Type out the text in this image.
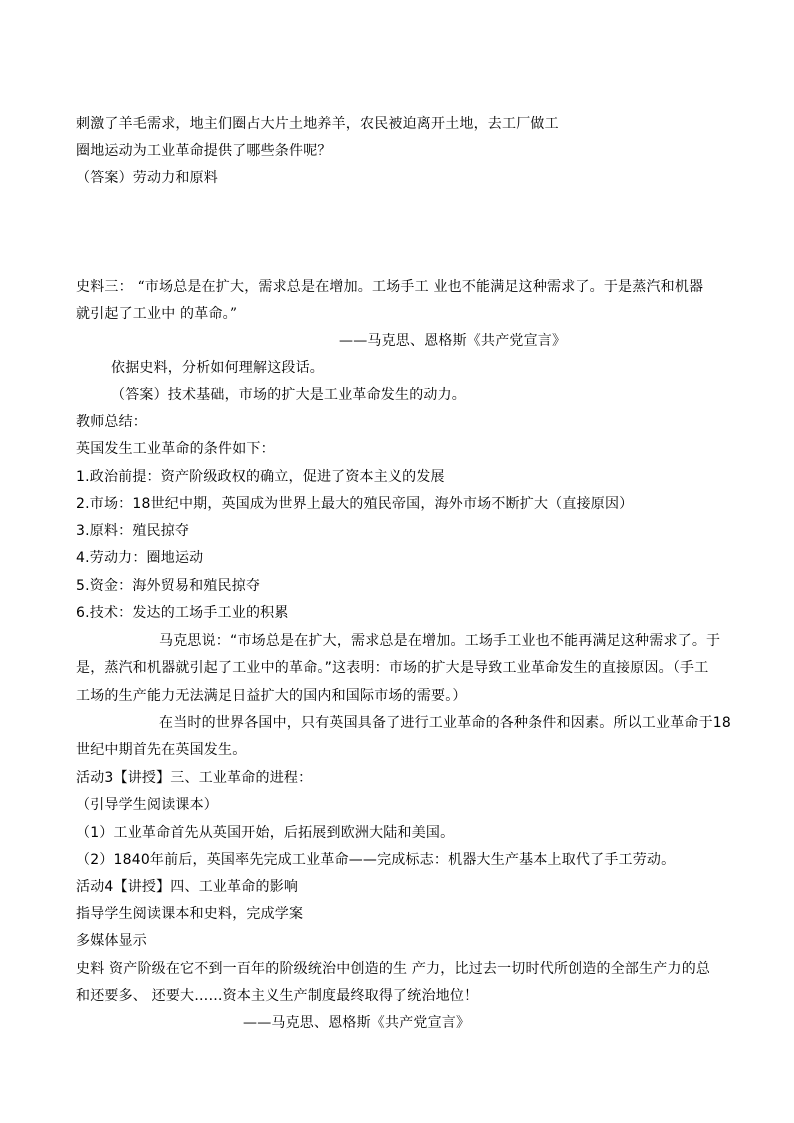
刺激了羊毛需求，地主们圈占大片土地养羊，农民被迫离开土地，去工厂做工
圈地运动为工业革命提供了哪些条件呢？
（答案）劳动力和原料
史料三： “市场总是在扩大，需求总是在增加。工场手工 业也不能满足这种需求了。于是蒸汽和机器
就引起了工业中 的革命。”
——马克思、恩格斯《共产党宣言》
依据史料，分析如何理解这段话。
（答案）技术基础，市场的扩大是工业革命发生的动力。
教师总结：
英国发生工业革命的条件如下：
1.政治前提：资产阶级政权的确立，促进了资本主义的发展
2.市场：18世纪中期，英国成为世界上最大的殖民帝国，海外市场不断扩大（直接原因）
3.原料：殖民掠夺
4.劳动力：圈地运动
5.资金：海外贸易和殖民掠夺
6.技术：发达的工场手工业的积累
马克思说：“市场总是在扩大，需求总是在增加。工场手工业也不能再满足这种需求了。于
是，蒸汽和机器就引起了工业中的革命。”这表明：市场的扩大是导致工业革命发生的直接原因。（手工
工场的生产能力无法满足日益扩大的国内和国际市场的需要。）
在当时的世界各国中，只有英国具备了进行工业革命的各种条件和因素。所以工业革命于18
世纪中期首先在英国发生。
活动3【讲授】三、工业革命的进程：
（引导学生阅读课本）
（1）工业革命首先从英国开始，后拓展到欧洲大陆和美国。
（2）1840年前后，英国率先完成工业革命——完成标志：机器大生产基本上取代了手工劳动。
活动4【讲授】四、工业革命的影响
指导学生阅读课本和史料，完成学案
多媒体显示
史料 资产阶级在它不到一百年的阶级统治中创造的生 产力，比过去一切时代所创造的全部生产力的总
和还要多、 还要大……资本主义生产制度最终取得了统治地位！
——马克思、恩格斯《共产党宣言》
